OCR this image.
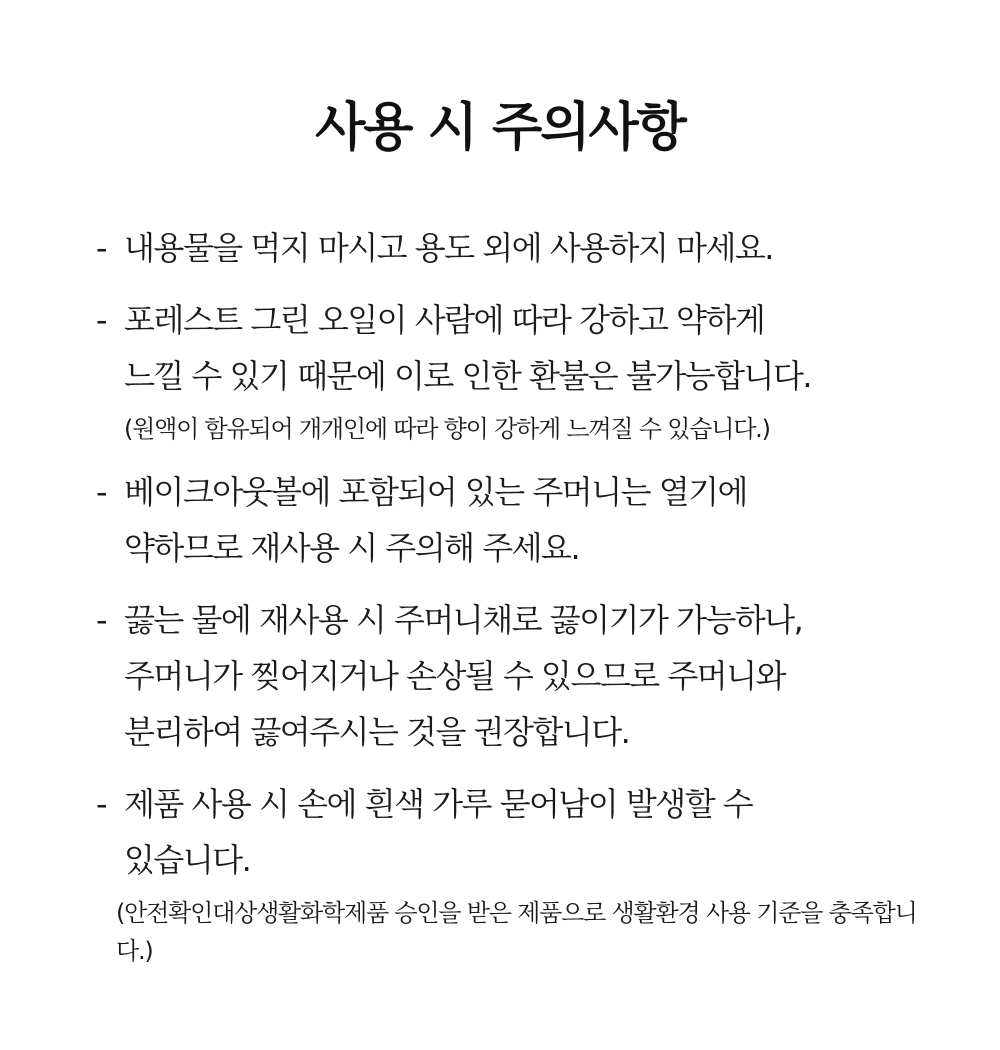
사용 시 주의사항
- 내용물을 먹지 마시고 용도 외에 사용하지 마세요.
- 포레스트 그린 오일이 사람에 따라 강하고 약하게
느낄 수 있기 때문에 이로 인한 환불은 불가능합니다.
(원액이 함유되어 개개인에 따라 향이 강하게 느껴질 수 있습니다.)
- 베이크아웃볼에 포함되어 있는 주머니는 열기에
약하므로 재사용 시 주의해 주세요.
- 끓는 물에 재사용 시 주머니채로 끓이기가 가능하나,
주머니가 찢어지거나 손상될 수 있으므로 주머니와
분리하여 끓여주시는 것을 권장합니다.
- 제품 사용 시 손에 흰색 가루 묻어남이 발생할 수
있습니다.
(안전확인대상생활화학제품 승인을 받은 제품으로 생활환경 사용 기준을 충족합니다.)
